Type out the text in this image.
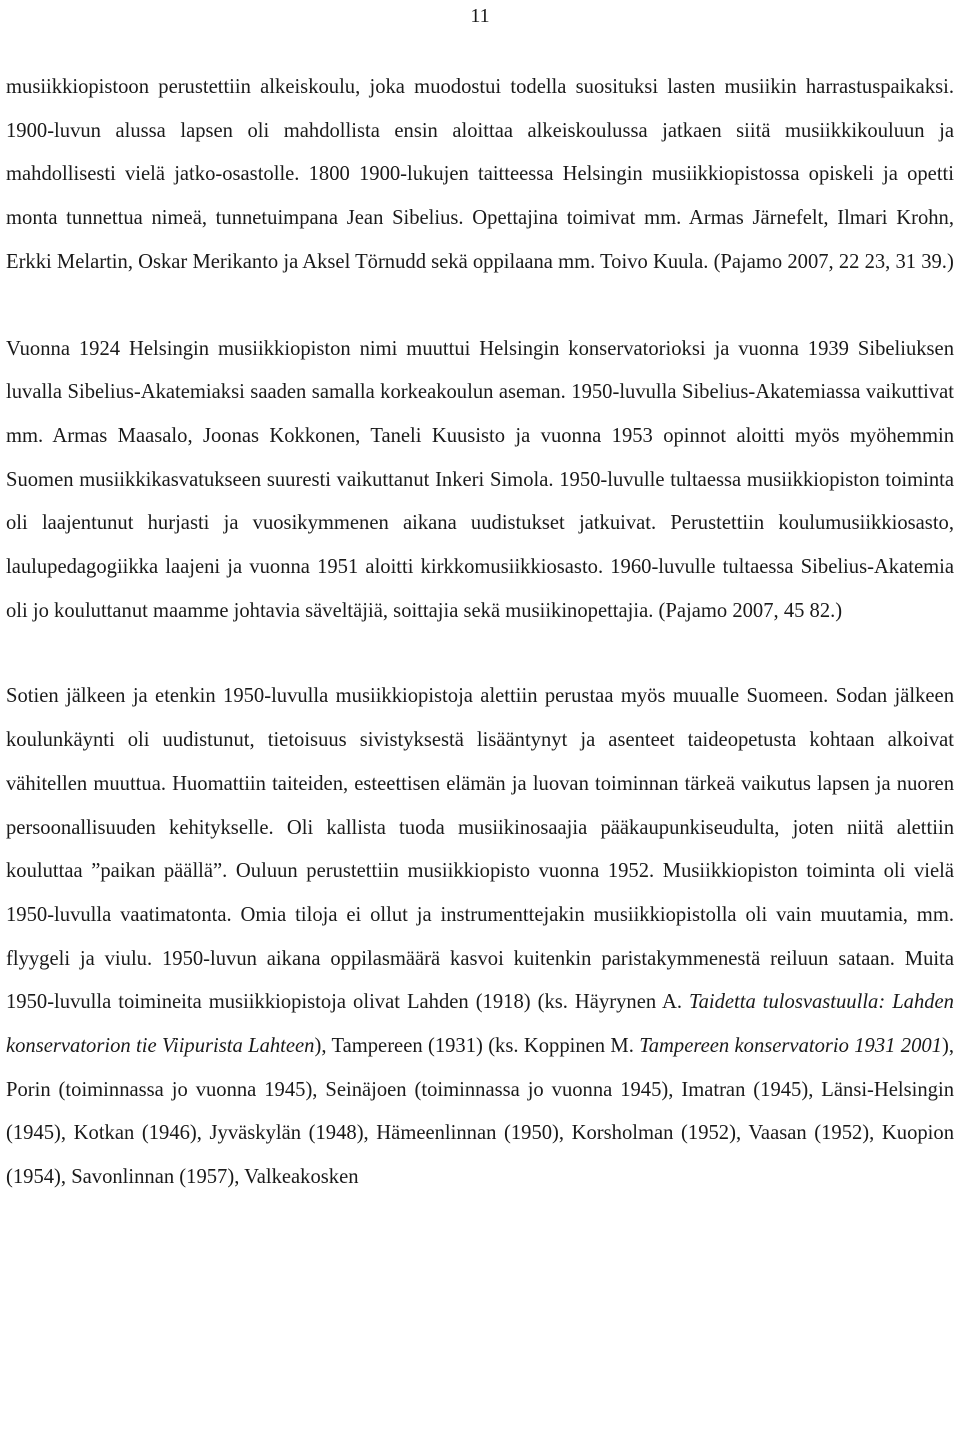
11

musiikkiopistoon perustettiin alkeiskoulu, joka muodostui todella suosituksi lasten musiikin harrastuspaikaksi. 1900-luvun alussa lapsen oli mahdollista ensin aloittaa alkeiskoulussa jatkaen siitä musiikkikouluun ja mahdollisesti vielä jatko-osastolle. 1800 1900-lukujen taitteessa Helsingin musiikkiopistossa opiskeli ja opetti monta tunnettua nimeä, tunnetuimpana Jean Sibelius. Opettajina toimivat mm. Armas Järnefelt, Ilmari Krohn, Erkki Melartin, Oskar Merikanto ja Aksel Törnudd sekä oppilaana mm. Toivo Kuula. (Pajamo 2007, 22 23, 31 39.)

Vuonna 1924 Helsingin musiikkiopiston nimi muuttui Helsingin konservatorioksi ja vuonna 1939 Sibeliuksen luvalla Sibelius-Akatemiaksi saaden samalla korkeakoulun aseman. 1950-luvulla Sibelius-Akatemiassa vaikuttivat mm. Armas Maasalo, Joonas Kokkonen, Taneli Kuusisto ja vuonna 1953 opinnot aloitti myös myöhemmin Suomen musiikkikasvatukseen suuresti vaikuttanut Inkeri Simola. 1950-luvulle tultaessa musiikkiopiston toiminta oli laajentunut hurjasti ja vuosikymmenen aikana uudistukset jatkuivat. Perustettiin koulumusiikkiosasto, laulupedagogiikka laajeni ja vuonna 1951 aloitti kirkkomusiikkiosasto. 1960-luvulle tultaessa Sibelius-Akatemia oli jo kouluttanut maamme johtavia säveltäjiä, soittajia sekä musiikinopettajia. (Pajamo 2007, 45 82.)

Sotien jälkeen ja etenkin 1950-luvulla musiikkiopistoja alettiin perustaa myös muualle Suomeen. Sodan jälkeen koulunkäynti oli uudistunut, tietoisuus sivistyksestä lisääntynyt ja asenteet taideopetusta kohtaan alkoivat vähitellen muuttua. Huomattiin taiteiden, esteettisen elämän ja luovan toiminnan tärkeä vaikutus lapsen ja nuoren persoonallisuuden kehitykselle. Oli kallista tuoda musiikinosaajia pääkaupunkiseudulta, joten niitä alettiin kouluttaa ”paikan päällä”. Ouluun perustettiin musiikkiopisto vuonna 1952. Musiikkiopiston toiminta oli vielä 1950-luvulla vaatimatonta. Omia tiloja ei ollut ja instrumenttejakin musiikkiopistolla oli vain muutamia, mm. flyygeli ja viulu. 1950-luvun aikana oppilasmäärä kasvoi kuitenkin paristakymmenestä reiluun sataan. Muita 1950-luvulla toimineita musiikkiopistoja olivat Lahden (1918) (ks. Häyrynen A. Taidetta tulosvastuulla: Lahden konservatorion tie Viipurista Lahteen), Tampereen (1931) (ks. Koppinen M. Tampereen konservatorio 1931 2001), Porin (toiminnassa jo vuonna 1945), Seinäjoen (toiminnassa jo vuonna 1945), Imatran (1945), Länsi-Helsingin (1945), Kotkan (1946), Jyväskylän (1948), Hämeenlinnan (1950), Korsholman (1952), Vaasan (1952), Kuopion (1954), Savonlinnan (1957), Valkeakosken
